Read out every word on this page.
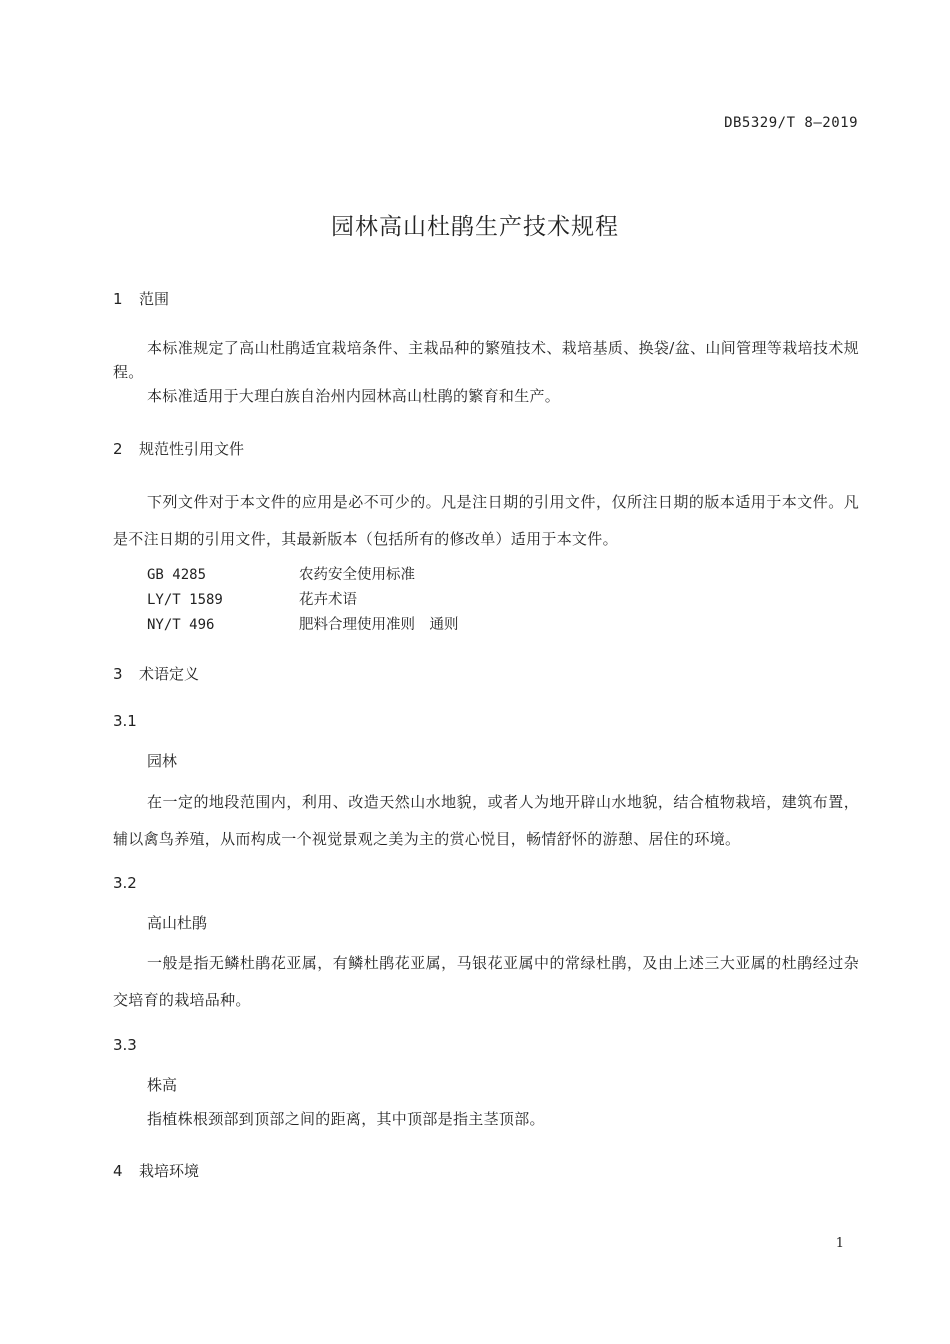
DB5329/T 8—2019
园林高山杜鹃生产技术规程
1 范围
本标准规定了高山杜鹃适宜栽培条件、主栽品种的繁殖技术、栽培基质、换袋/盆、山间管理等栽培技术规程。
本标准适用于大理白族自治州内园林高山杜鹃的繁育和生产。
2 规范性引用文件
下列文件对于本文件的应用是必不可少的。凡是注日期的引用文件，仅所注日期的版本适用于本文件。凡是不注日期的引用文件，其最新版本（包括所有的修改单）适用于本文件。
GB 4285	农药安全使用标准
LY/T 1589	花卉术语
NY/T 496	肥料合理使用准则　通则
3 术语定义
3.1
园林
在一定的地段范围内，利用、改造天然山水地貌，或者人为地开辟山水地貌，结合植物栽培，建筑布置，辅以禽鸟养殖，从而构成一个视觉景观之美为主的赏心悦目，畅情舒怀的游憩、居住的环境。
3.2
高山杜鹃
一般是指无鳞杜鹃花亚属，有鳞杜鹃花亚属，马银花亚属中的常绿杜鹃，及由上述三大亚属的杜鹃经过杂交培育的栽培品种。
3.3
株高
指植株根颈部到顶部之间的距离，其中顶部是指主茎顶部。
4 栽培环境
1
